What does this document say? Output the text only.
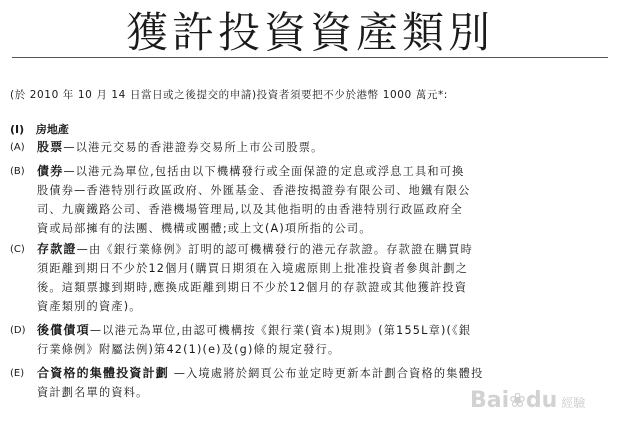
獲許投資資產類別
(於 2010 年 10 月 14 日當日或之後提交的申請)投資者須要把不少於港幣 1000 萬元*:
(I) 房地產
(A) 股票—以港元交易的香港證券交易所上市公司股票。
(B) 債券—以港元為單位,包括由以下機構發行或全面保證的定息或浮息工具和可換
股債券—香港特別行政區政府、外匯基金、香港按揭證券有限公司、地鐵有限公
司、九廣鐵路公司、香港機場管理局,以及其他指明的由香港特別行政區政府全
資或局部擁有的法團、機構或團體;或上文(A)項所指的公司。
(C) 存款證—由《銀行業條例》訂明的認可機構發行的港元存款證。存款證在購買時
須距離到期日不少於12個月(購買日期須在入境處原則上批准投資者參與計劃之
後。這類票據到期時,應換成距離到期日不少於12個月的存款證或其他獲許投資
資產類別的資產)。
(D) 後償債項—以港元為單位,由認可機構按《銀行業(資本)規則》(第155L章)(《銀
行業條例》附屬法例)第42(1)(e)及(g)條的規定發行。
(E) 合資格的集體投資計劃 —入境處將於網頁公布並定時更新本計劃合資格的集體投
資計劃名單的資料。	Bai❀du 經驗
